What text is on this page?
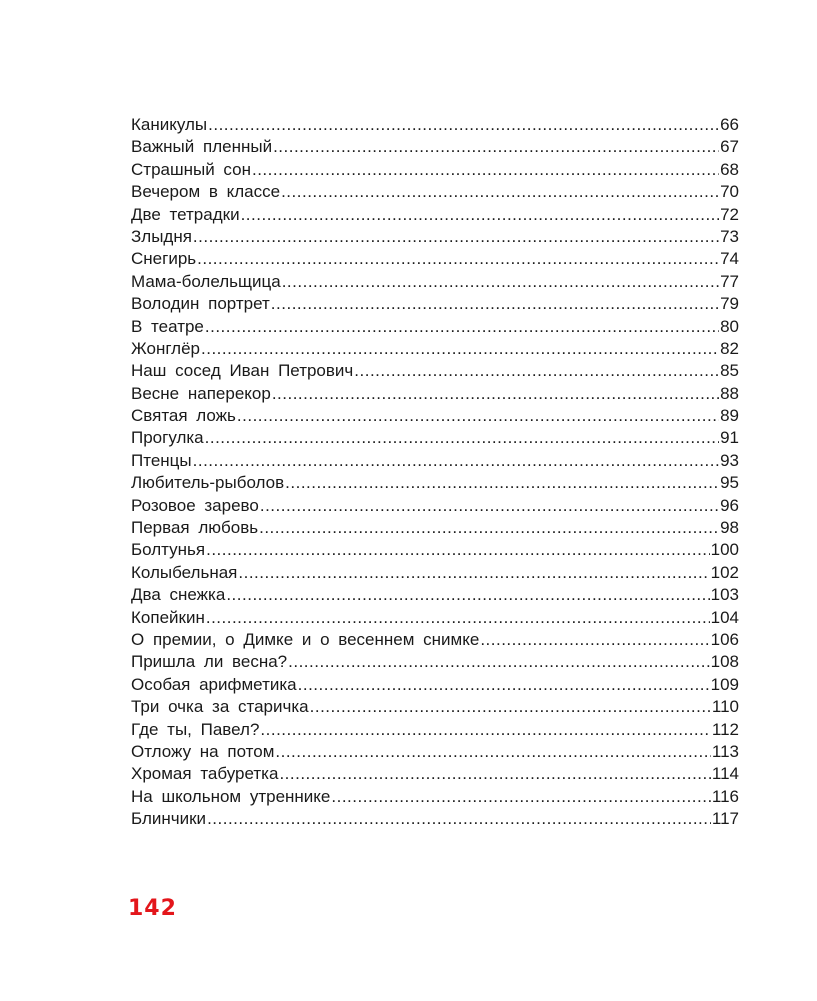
Каникулы .....	66
Важный пленный .....	67
Страшный сон .....	68
Вечером в классе .....	70
Две тетрадки .....	72
Злыдня .....	73
Снегирь .....	74
Мама-болельщица .....	77
Володин портрет .....	79
В театре .....	80
Жонглёр .....	82
Наш сосед Иван Петрович .....	85
Весне наперекор .....	88
Святая ложь .....	89
Прогулка .....	91
Птенцы .....	93
Любитель-рыболов .....	95
Розовое зарево .....	96
Первая любовь .....	98
Болтунья .....	100
Колыбельная .....	102
Два снежка .....	103
Копейкин .....	104
О премии, о Димке и о весеннем снимке .....	106
Пришла ли весна? .....	108
Особая арифметика .....	109
Три очка за старичка .....	110
Где ты, Павел? .....	112
Отложу на потом .....	113
Хромая табуретка .....	114
На школьном утреннике .....	116
Блинчики .....	117
142
